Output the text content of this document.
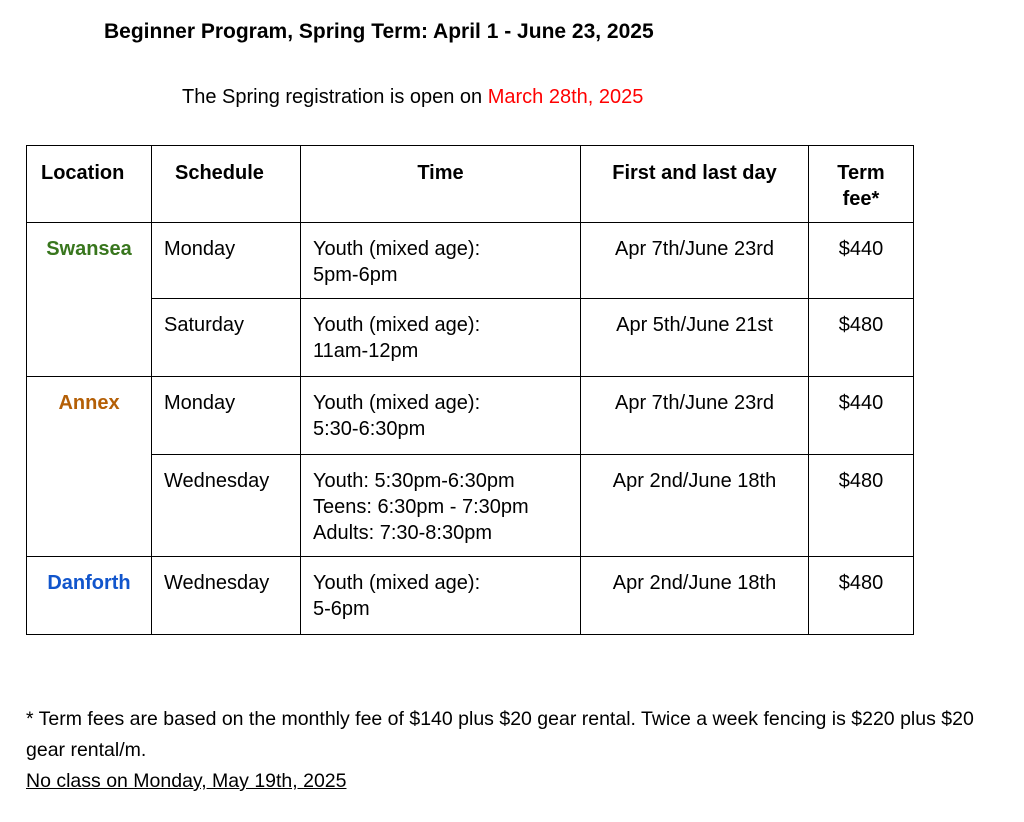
Beginner Program, Spring Term: April 1 - June 23, 2025
The Spring registration is open on March 28th, 2025
Location	Schedule	Time	First and last day	Term fee*
Swansea	Monday	Youth (mixed age):
5pm-6pm	Apr 7th/June 23rd	$440
	Saturday	Youth (mixed age):
11am-12pm	Apr 5th/June 21st	$480
Annex	Monday	Youth (mixed age):
5:30-6:30pm	Apr 7th/June 23rd	$440
	Wednesday	Youth: 5:30pm-6:30pm
Teens: 6:30pm - 7:30pm
Adults: 7:30-8:30pm	Apr 2nd/June 18th	$480
Danforth	Wednesday	Youth (mixed age):
5-6pm	Apr 2nd/June 18th	$480
* Term fees are based on the monthly fee of $140 plus $20 gear rental. Twice a week fencing is $220 plus $20 gear rental/m.
No class on Monday, May 19th, 2025
